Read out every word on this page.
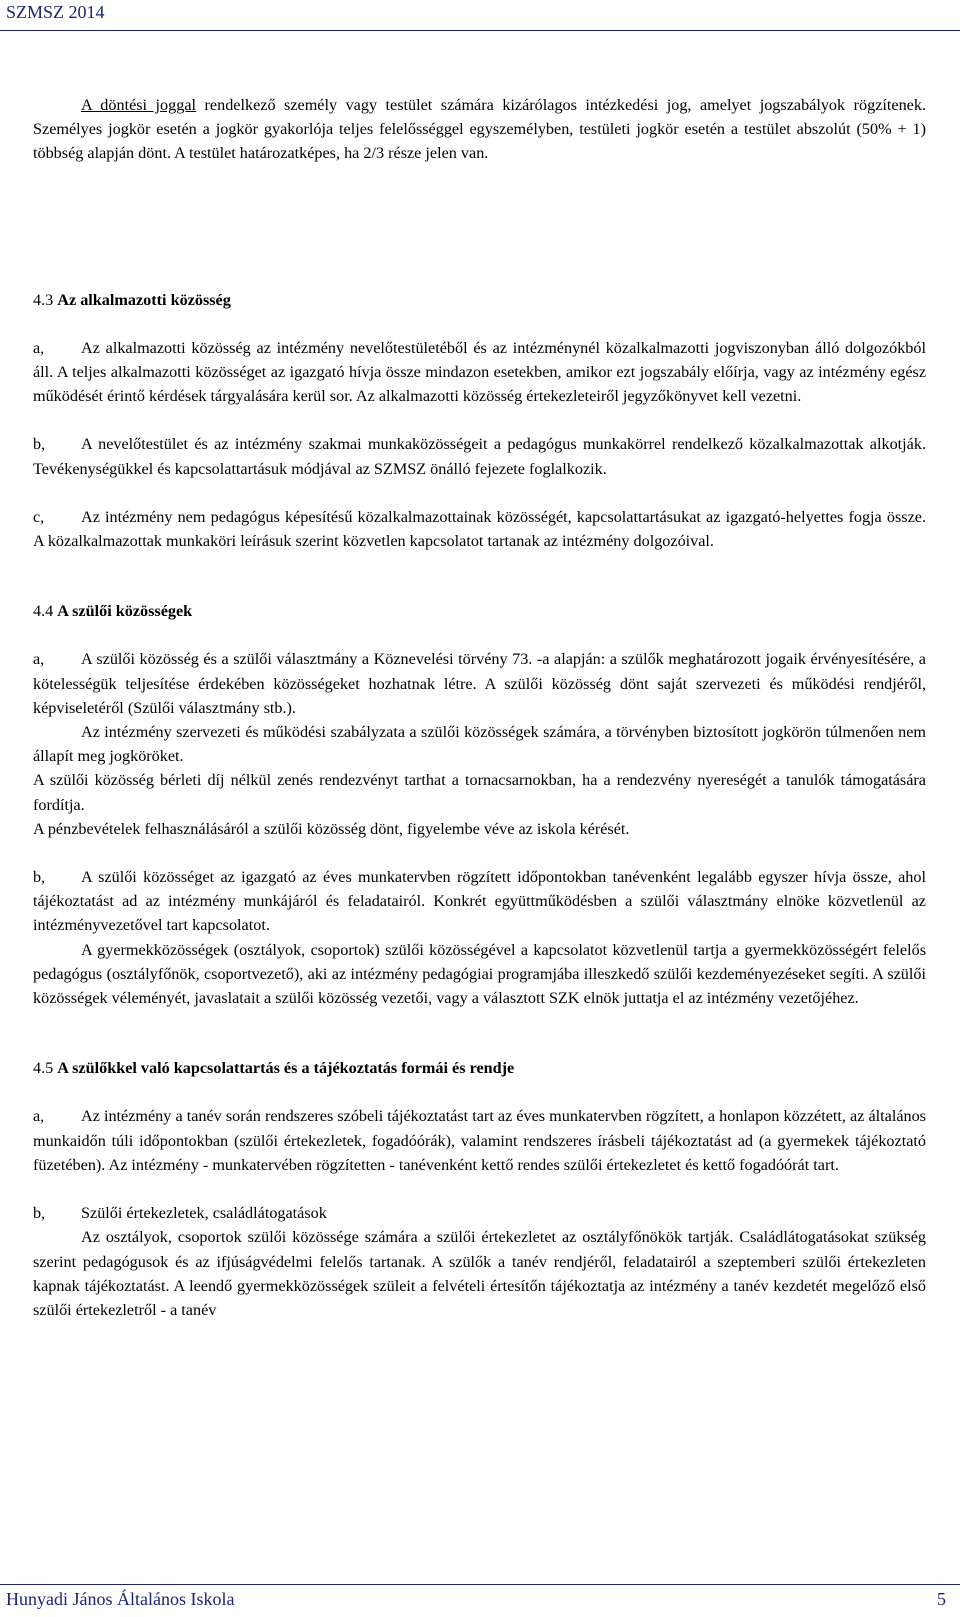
SZMSZ 2014

A döntési joggal rendelkező személy vagy testület számára kizárólagos intézkedési jog, amelyet jogszabályok rögzítenek. Személyes jogkör esetén a jogkör gyakorlója teljes felelősséggel egyszemélyben, testületi jogkör esetén a testület abszolút (50% + 1) többség alapján dönt. A testület határozatképes, ha 2/3 része jelen van.

4.3 Az alkalmazotti közösség

a, Az alkalmazotti közösség az intézmény nevelőtestületéből és az intézménynél közalkalmazotti jogviszonyban álló dolgozókból áll. A teljes alkalmazotti közösséget az igazgató hívja össze mindazon esetekben, amikor ezt jogszabály előírja, vagy az intézmény egész működését érintő kérdések tárgyalására kerül sor. Az alkalmazotti közösség értekezleteiről jegyzőkönyvet kell vezetni.

b, A nevelőtestület és az intézmény szakmai munkaközösségeit a pedagógus munkakörrel rendelkező közalkalmazottak alkotják. Tevékenységükkel és kapcsolattartásuk módjával az SZMSZ önálló fejezete foglalkozik.

c, Az intézmény nem pedagógus képesítésű közalkalmazottainak közösségét, kapcsolattartásukat az igazgató-helyettes fogja össze. A közalkalmazottak munkaköri leírásuk szerint közvetlen kapcsolatot tartanak az intézmény dolgozóival.

4.4 A szülői közösségek

a, A szülői közösség és a szülői választmány a Köznevelési törvény 73. -a alapján: a szülők meghatározott jogaik érvényesítésére, a kötelességük teljesítése érdekében közösségeket hozhatnak létre. A szülői közösség dönt saját szervezeti és működési rendjéről, képviseletéről (Szülői választmány stb.).

Az intézmény szervezeti és működési szabályzata a szülői közösségek számára, a törvényben biztosított jogkörön túlmenően nem állapít meg jogköröket.

A szülői közösség bérleti díj nélkül zenés rendezvényt tarthat a tornacsarnokban, ha a rendezvény nyereségét a tanulók támogatására fordítja.

A pénzbevételek felhasználásáról a szülői közösség dönt, figyelembe véve az iskola kérését.

b, A szülői közösséget az igazgató az éves munkatervben rögzített időpontokban tanévenként legalább egyszer hívja össze, ahol tájékoztatást ad az intézmény munkájáról és feladatairól. Konkrét együttműködésben a szülői választmány elnöke közvetlenül az intézményvezetővel tart kapcsolatot.

A gyermekközösségek (osztályok, csoportok) szülői közösségével a kapcsolatot közvetlenül tartja a gyermekközösségért felelős pedagógus (osztályfőnök, csoportvezető), aki az intézmény pedagógiai programjába illeszkedő szülői kezdeményezéseket segíti. A szülői közösségek véleményét, javaslatait a szülői közösség vezetői, vagy a választott SZK elnök juttatja el az intézmény vezetőjéhez.

4.5 A szülőkkel való kapcsolattartás és a tájékoztatás formái és rendje

a, Az intézmény a tanév során rendszeres szóbeli tájékoztatást tart az éves munkatervben rögzített, a honlapon közzétett, az általános munkaidőn túli időpontokban (szülői értekezletek, fogadóórák), valamint rendszeres írásbeli tájékoztatást ad (a gyermekek tájékoztató füzetében). Az intézmény - munkatervében rögzítetten - tanévenként kettő rendes szülői értekezletet és kettő fogadóórát tart.

b, Szülői értekezletek, családlátogatások

Az osztályok, csoportok szülői közössége számára a szülői értekezletet az osztályfőnökök tartják. Családlátogatásokat szükség szerint pedagógusok és az ifjúságvédelmi felelős tartanak. A szülők a tanév rendjéről, feladatairól a szeptemberi szülői értekezleten kapnak tájékoztatást. A leendő gyermekközösségek szüleit a felvételi értesítőn tájékoztatja az intézmény a tanév kezdetét megelőző első szülői értekezletről - a tanév

Hunyadi János Általános Iskola	5
